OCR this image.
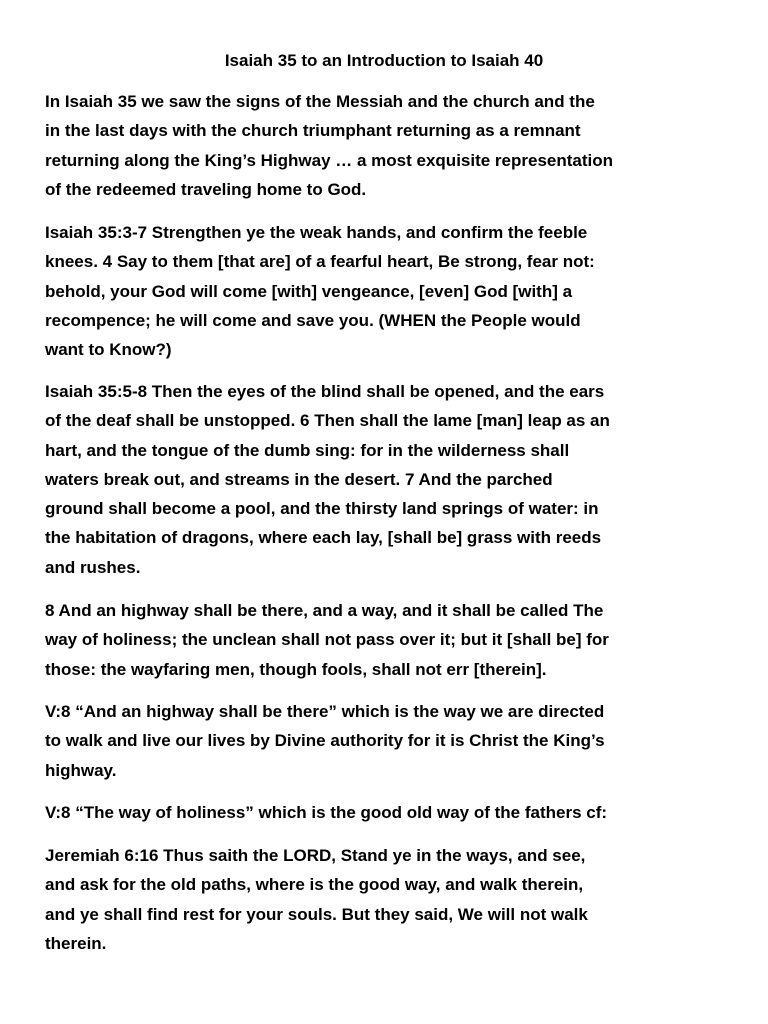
Isaiah 35 to an Introduction to Isaiah 40

In Isaiah 35 we saw the signs of the Messiah and the church and the
in the last days with the church triumphant returning as a remnant
returning along the King’s Highway … a most exquisite representation
of the redeemed traveling home to God.

Isaiah 35:3-7 Strengthen ye the weak hands, and confirm the feeble
knees. 4 Say to them [that are] of a fearful heart, Be strong, fear not:
behold, your God will come [with] vengeance, [even] God [with] a
recompence; he will come and save you. (WHEN the People would
want to Know?)

Isaiah 35:5-8 Then the eyes of the blind shall be opened, and the ears
of the deaf shall be unstopped. 6 Then shall the lame [man] leap as an
hart, and the tongue of the dumb sing: for in the wilderness shall
waters break out, and streams in the desert. 7 And the parched
ground shall become a pool, and the thirsty land springs of water: in
the habitation of dragons, where each lay, [shall be] grass with reeds
and rushes.

8 And an highway shall be there, and a way, and it shall be called The
way of holiness; the unclean shall not pass over it; but it [shall be] for
those: the wayfaring men, though fools, shall not err [therein].

V:8 “And an highway shall be there” which is the way we are directed
to walk and live our lives by Divine authority for it is Christ the King’s
highway.

V:8 “The way of holiness” which is the good old way of the fathers cf:

Jeremiah 6:16 Thus saith the LORD, Stand ye in the ways, and see,
and ask for the old paths, where is the good way, and walk therein,
and ye shall find rest for your souls. But they said, We will not walk
therein.
